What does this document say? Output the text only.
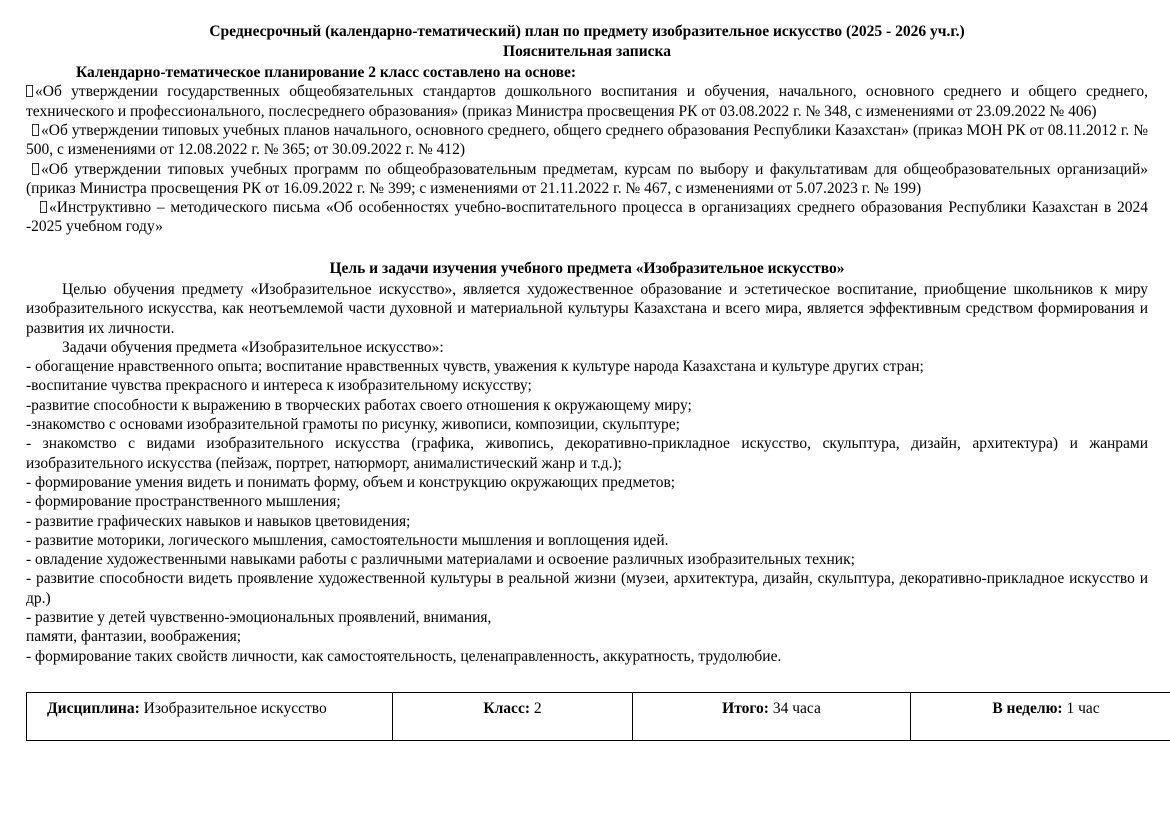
Среднесрочный (календарно-тематический) план по предмету изобразительное искусство (2025 - 2026 уч.г.)
Пояснительная записка
Календарно-тематическое планирование 2 класс составлено на основе:

«Об утверждении государственных общеобязательных стандартов дошкольного воспитания и обучения, начального, основного среднего и общего среднего, технического и профессионального, послесреднего образования» (приказ Министра просвещения РК от 03.08.2022 г. № 348, с изменениями от 23.09.2022 № 406)

«Об утверждении типовых учебных планов начального, основного среднего, общего среднего образования Республики Казахстан» (приказ МОН РК от 08.11.2012 г. № 500, с изменениями от 12.08.2022 г. № 365; от 30.09.2022 г. № 412)

«Об утверждении типовых учебных программ по общеобразовательным предметам, курсам по выбору и факультативам для общеобразовательных организаций» (приказ Министра просвещения РК от 16.09.2022 г. № 399; с изменениями от 21.11.2022 г. № 467, с изменениями от 5.07.2023 г. № 199)

«Инструктивно – методического письма «Об особенностях учебно-воспитательного процесса в организациях среднего образования Республики Казахстан в 2024 -2025 учебном году»

Цель и задачи изучения учебного предмета «Изобразительное искусство»
Целью обучения предмету «Изобразительное искусство», является художественное образование и эстетическое воспитание, приобщение школьников к миру изобразительного искусства, как неотъемлемой части духовной и материальной культуры Казахстана и всего мира, является эффективным средством формирования и развития их личности.
Задачи обучения предмета «Изобразительное искусство»:
- обогащение нравственного опыта; воспитание нравственных чувств, уважения к культуре народа Казахстана и культуре других стран;
-воспитание чувства прекрасного и интереса к изобразительному искусству;
-развитие способности к выражению в творческих работах своего отношения к окружающему миру;
-знакомство с основами изобразительной грамоты по рисунку, живописи, композиции, скульптуре;
- знакомство с видами изобразительного искусства (графика, живопись, декоративно-прикладное искусство, скульптура, дизайн, архитектура) и жанрами изобразительного искусства (пейзаж, портрет, натюрморт, анималистический жанр и т.д.);
- формирование умения видеть и понимать форму, объем и конструкцию окружающих предметов;
- формирование пространственного мышления;
- развитие графических навыков и навыков цветовидения;
- развитие моторики, логического мышления, самостоятельности мышления и воплощения идей.
- овладение художественными навыками работы с различными материалами и освоение различных изобразительных техник;
- развитие способности видеть проявление художественной культуры в реальной жизни (музеи, архитектура, дизайн, скульптура, декоративно-прикладное искусство и др.)
- развитие у детей чувственно-эмоциональных проявлений, внимания,
памяти, фантазии, воображения;
- формирование таких свойств личности, как самостоятельность, целенаправленность, аккуратность, трудолюбие.
Дисциплина: Изобразительное искусство	Класс: 2	Итого: 34 часа	В неделю: 1 час
